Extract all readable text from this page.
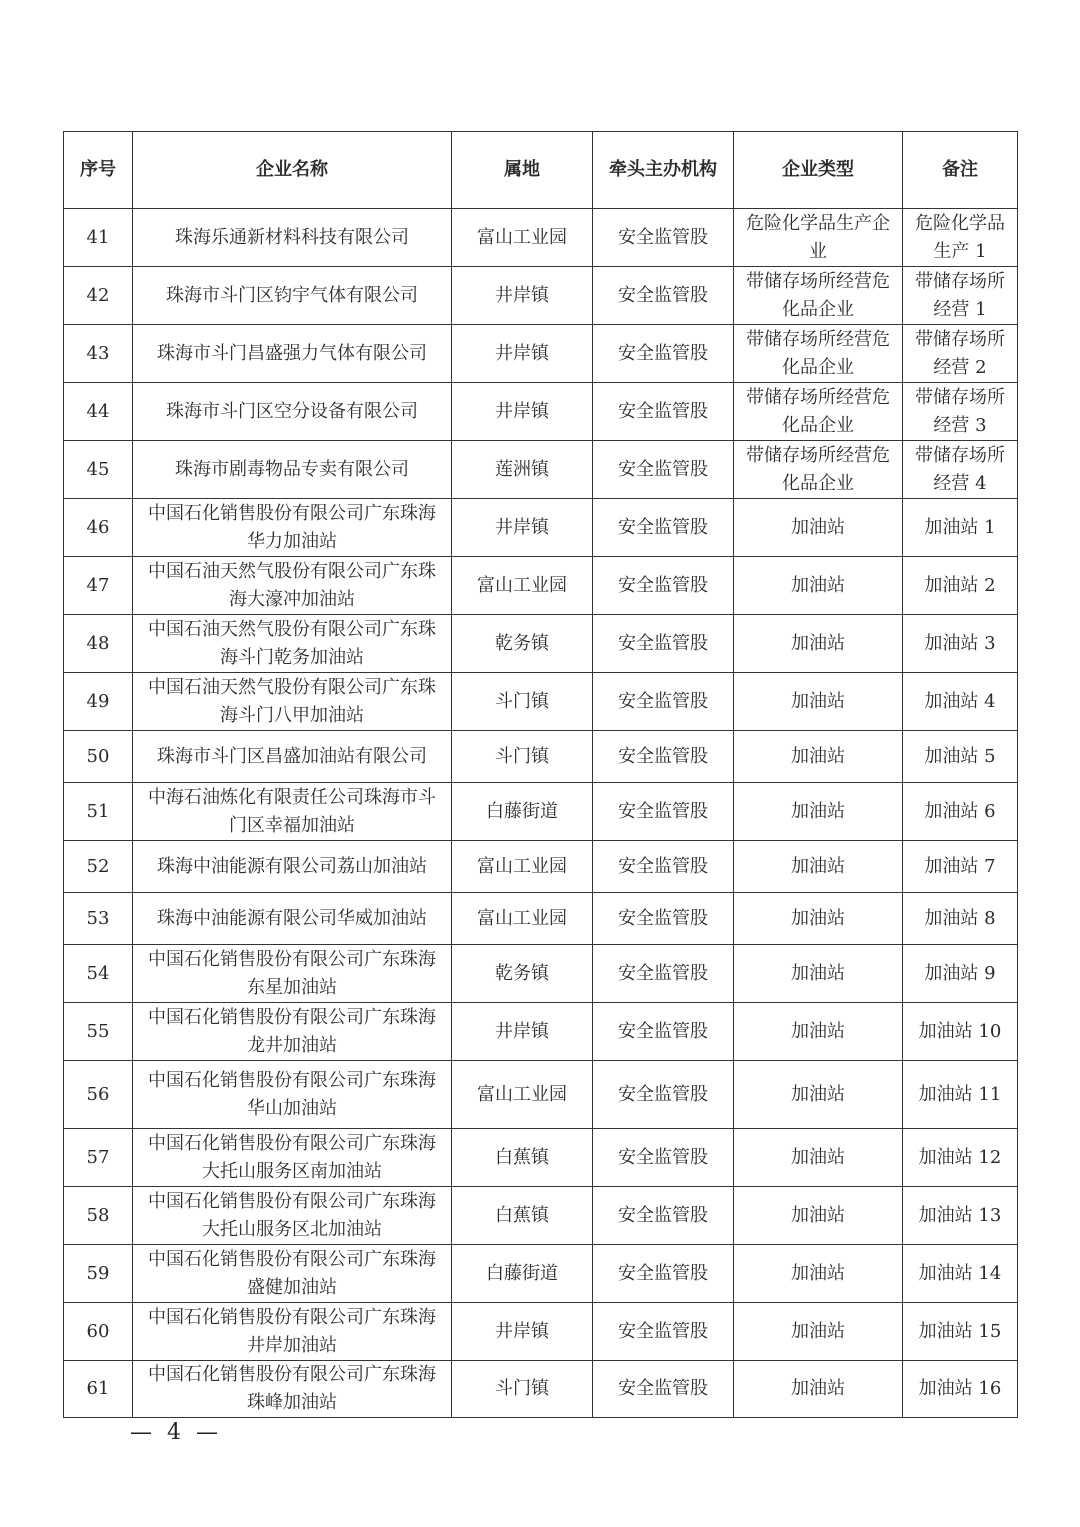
序号	企业名称	属地	牵头主办机构	企业类型	备注
41	珠海乐通新材料科技有限公司	富山工业园	安全监管股	危险化学品生产企业	危险化学品生产 1
42	珠海市斗门区钧宇气体有限公司	井岸镇	安全监管股	带储存场所经营危化品企业	带储存场所经营 1
43	珠海市斗门昌盛强力气体有限公司	井岸镇	安全监管股	带储存场所经营危化品企业	带储存场所经营 2
44	珠海市斗门区空分设备有限公司	井岸镇	安全监管股	带储存场所经营危化品企业	带储存场所经营 3
45	珠海市剧毒物品专卖有限公司	莲洲镇	安全监管股	带储存场所经营危化品企业	带储存场所经营 4
46	中国石化销售股份有限公司广东珠海华力加油站	井岸镇	安全监管股	加油站	加油站 1
47	中国石油天然气股份有限公司广东珠海大濠冲加油站	富山工业园	安全监管股	加油站	加油站 2
48	中国石油天然气股份有限公司广东珠海斗门乾务加油站	乾务镇	安全监管股	加油站	加油站 3
49	中国石油天然气股份有限公司广东珠海斗门八甲加油站	斗门镇	安全监管股	加油站	加油站 4
50	珠海市斗门区昌盛加油站有限公司	斗门镇	安全监管股	加油站	加油站 5
51	中海石油炼化有限责任公司珠海市斗门区幸福加油站	白藤街道	安全监管股	加油站	加油站 6
52	珠海中油能源有限公司荔山加油站	富山工业园	安全监管股	加油站	加油站 7
53	珠海中油能源有限公司华威加油站	富山工业园	安全监管股	加油站	加油站 8
54	中国石化销售股份有限公司广东珠海东星加油站	乾务镇	安全监管股	加油站	加油站 9
55	中国石化销售股份有限公司广东珠海龙井加油站	井岸镇	安全监管股	加油站	加油站 10
56	中国石化销售股份有限公司广东珠海华山加油站	富山工业园	安全监管股	加油站	加油站 11
57	中国石化销售股份有限公司广东珠海大托山服务区南加油站	白蕉镇	安全监管股	加油站	加油站 12
58	中国石化销售股份有限公司广东珠海大托山服务区北加油站	白蕉镇	安全监管股	加油站	加油站 13
59	中国石化销售股份有限公司广东珠海盛健加油站	白藤街道	安全监管股	加油站	加油站 14
60	中国石化销售股份有限公司广东珠海井岸加油站	井岸镇	安全监管股	加油站	加油站 15
61	中国石化销售股份有限公司广东珠海珠峰加油站	斗门镇	安全监管股	加油站	加油站 16
— 4 —
